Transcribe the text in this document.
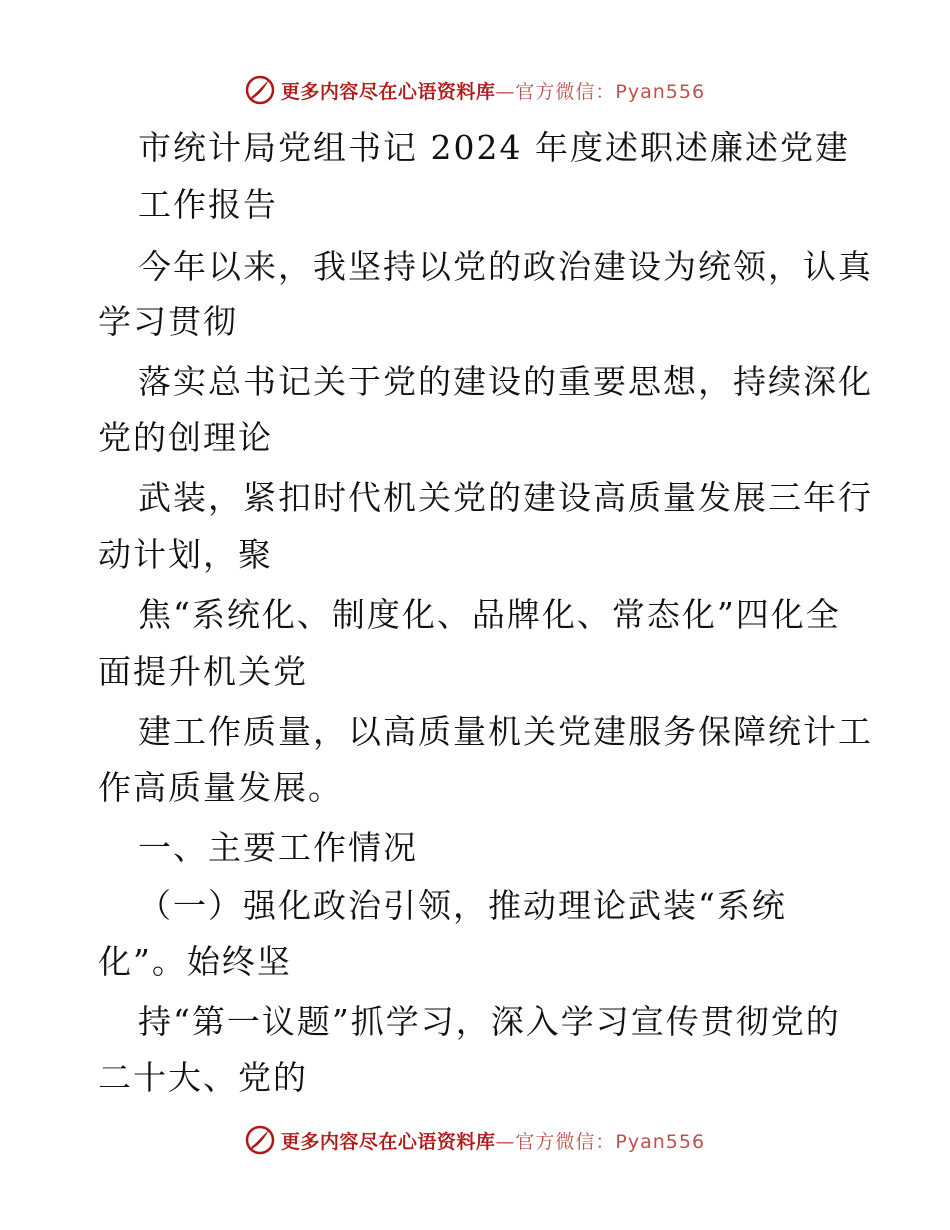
更多内容尽在心语资料库 —官方微信：Pyan556
市统计局党组书记 2024 年度述职述廉述党建
工作报告
今年以来，我坚持以党的政治建设为统领，认真
学习贯彻
落实总书记关于党的建设的重要思想，持续深化
党的创理论
武装，紧扣时代机关党的建设高质量发展三年行
动计划，聚
焦“系统化、制度化、品牌化、常态化”四化全
面提升机关党
建工作质量，以高质量机关党建服务保障统计工
作高质量发展。
一、主要工作情况
（一）强化政治引领，推动理论武装“系统
化”。始终坚
持“第一议题”抓学习，深入学习宣传贯彻党的
二十大、党的
更多内容尽在心语资料库 —官方微信：Pyan556
